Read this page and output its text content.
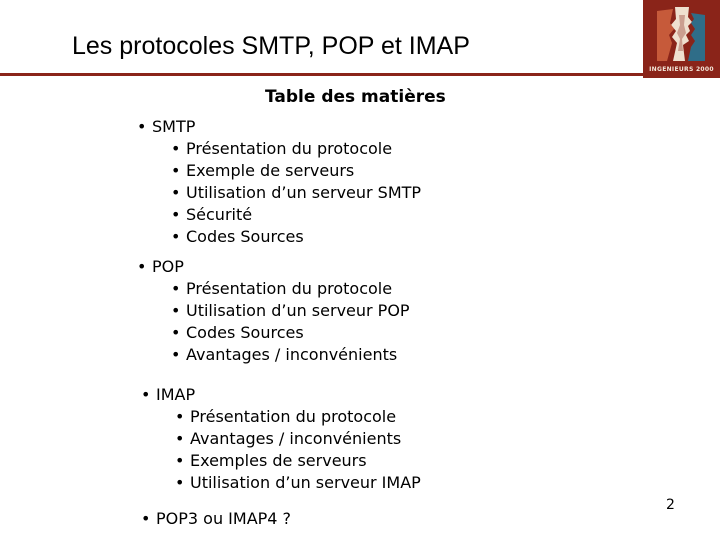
Les protocoles SMTP, POP et IMAP
INGENIEURS 2000
Table des matières
• SMTP
• Présentation du protocole
• Exemple de serveurs
• Utilisation d’un serveur SMTP
• Sécurité
• Codes Sources
• POP
• Présentation du protocole
• Utilisation d’un serveur POP
• Codes Sources
• Avantages / inconvénients
• IMAP
• Présentation du protocole
• Avantages / inconvénients
• Exemples de serveurs
• Utilisation d’un serveur IMAP
• POP3 ou IMAP4 ?
2
